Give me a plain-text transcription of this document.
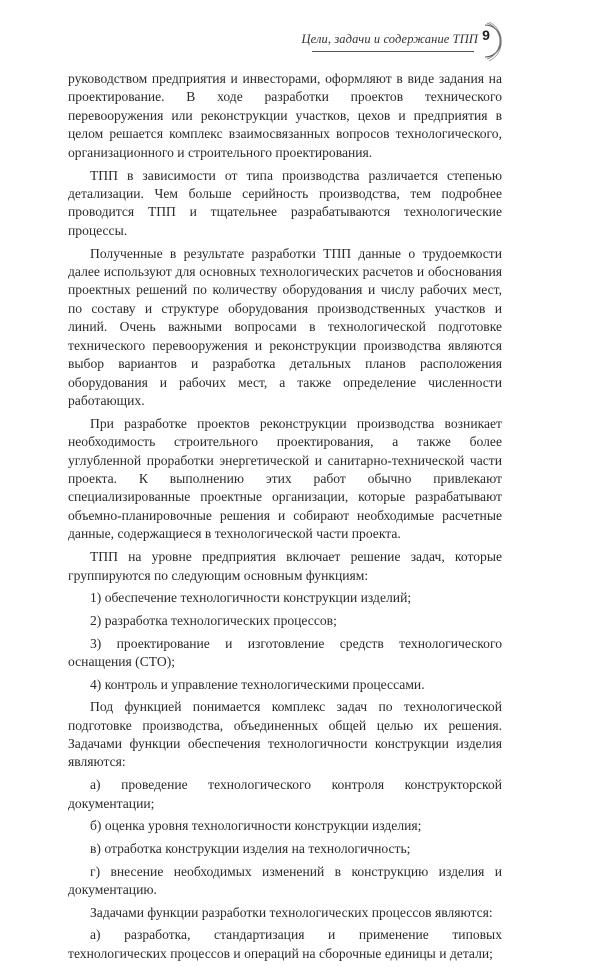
Цели, задачи и содержание ТПП 9

руководством предприятия и инвесторами, оформляют в виде задания на проектирование. В ходе разработки проектов технического перевооружения или реконструкции участков, цехов и предприятия в целом решается комплекс взаимосвязанных вопросов технологического, организационного и строительного проектирования.

ТПП в зависимости от типа производства различается степенью детализации. Чем больше серийность производства, тем подробнее проводится ТПП и тщательнее разрабатываются технологические процессы.

Полученные в результате разработки ТПП данные о трудоемкости далее используют для основных технологических расчетов и обоснования проектных решений по количеству оборудования и числу рабочих мест, по составу и структуре оборудования производственных участков и линий. Очень важными вопросами в технологической подготовке технического перевооружения и реконструкции производства являются выбор вариантов и разработка детальных планов расположения оборудования и рабочих мест, а также определение численности работающих.

При разработке проектов реконструкции производства возникает необходимость строительного проектирования, а также более углубленной проработки энергетической и санитарно-технической части проекта. К выполнению этих работ обычно привлекают специализированные проектные организации, которые разрабатывают объемно-планировочные решения и собирают необходимые расчетные данные, содержащиеся в технологической части проекта.

ТПП на уровне предприятия включает решение задач, которые группируются по следующим основным функциям:

1) обеспечение технологичности конструкции изделий;

2) разработка технологических процессов;

3) проектирование и изготовление средств технологического оснащения (СТО);

4) контроль и управление технологическими процессами.

Под функцией понимается комплекс задач по технологической подготовке производства, объединенных общей целью их решения. Задачами функции обеспечения технологичности конструкции изделия являются:

а) проведение технологического контроля конструкторской документации;

б) оценка уровня технологичности конструкции изделия;

в) отработка конструкции изделия на технологичность;

г) внесение необходимых изменений в конструкцию изделия и документацию.

Задачами функции разработки технологических процессов являются:

а) разработка, стандартизация и применение типовых технологических процессов и операций на сборочные единицы и детали;
